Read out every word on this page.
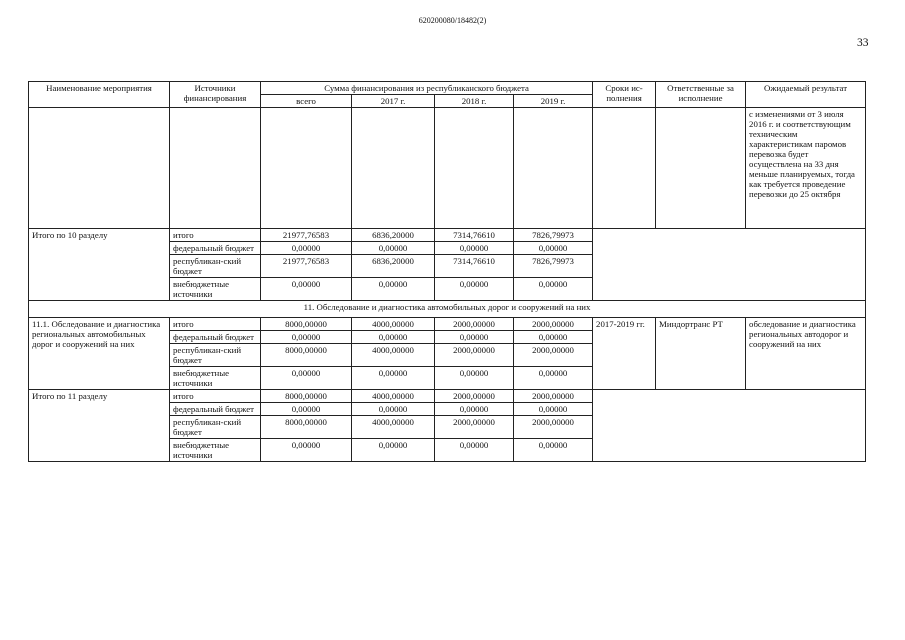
620200080/18482(2)
33
Наименование мероприятия	Источники финансирования	Сумма финансирования из республиканского бюджета				Сроки ис-полнения	Ответственные за исполнение	Ожидаемый результат
		всего	2017 г.	2018 г.	2019 г.			
								с изменениями от 3 июля 2016 г. и соответствующим техническим характеристикам паромов перевозка будет осуществлена на 33 дня меньше планируемых, тогда как требуется проведение перевозки до 25 октября
Итого по 10 разделу	итого	21977,76583	6836,20000	7314,76610	7826,79973			
	федеральный бюджет	0,00000	0,00000	0,00000	0,00000			
	республикан-ский бюджет	21977,76583	6836,20000	7314,76610	7826,79973			
	внебюджетные источники	0,00000	0,00000	0,00000	0,00000			
11. Обследование и диагностика автомобильных дорог и сооружений на них								
11.1. Обследование и диагностика региональных автомобильных дорог и сооружений на них	итого	8000,00000	4000,00000	2000,00000	2000,00000	2017-2019 гг.	Миндортранс РТ	обследование и диагностика региональных автодорог и сооружений на них
	федеральный бюджет	0,00000	0,00000	0,00000	0,00000			
	республикан-ский бюджет	8000,00000	4000,00000	2000,00000	2000,00000			
	внебюджетные источники	0,00000	0,00000	0,00000	0,00000			
Итого по 11 разделу	итого	8000,00000	4000,00000	2000,00000	2000,00000			
	федеральный бюджет	0,00000	0,00000	0,00000	0,00000			
	республикан-ский бюджет	8000,00000	4000,00000	2000,00000	2000,00000			
	внебюджетные источники	0,00000	0,00000	0,00000	0,00000			
